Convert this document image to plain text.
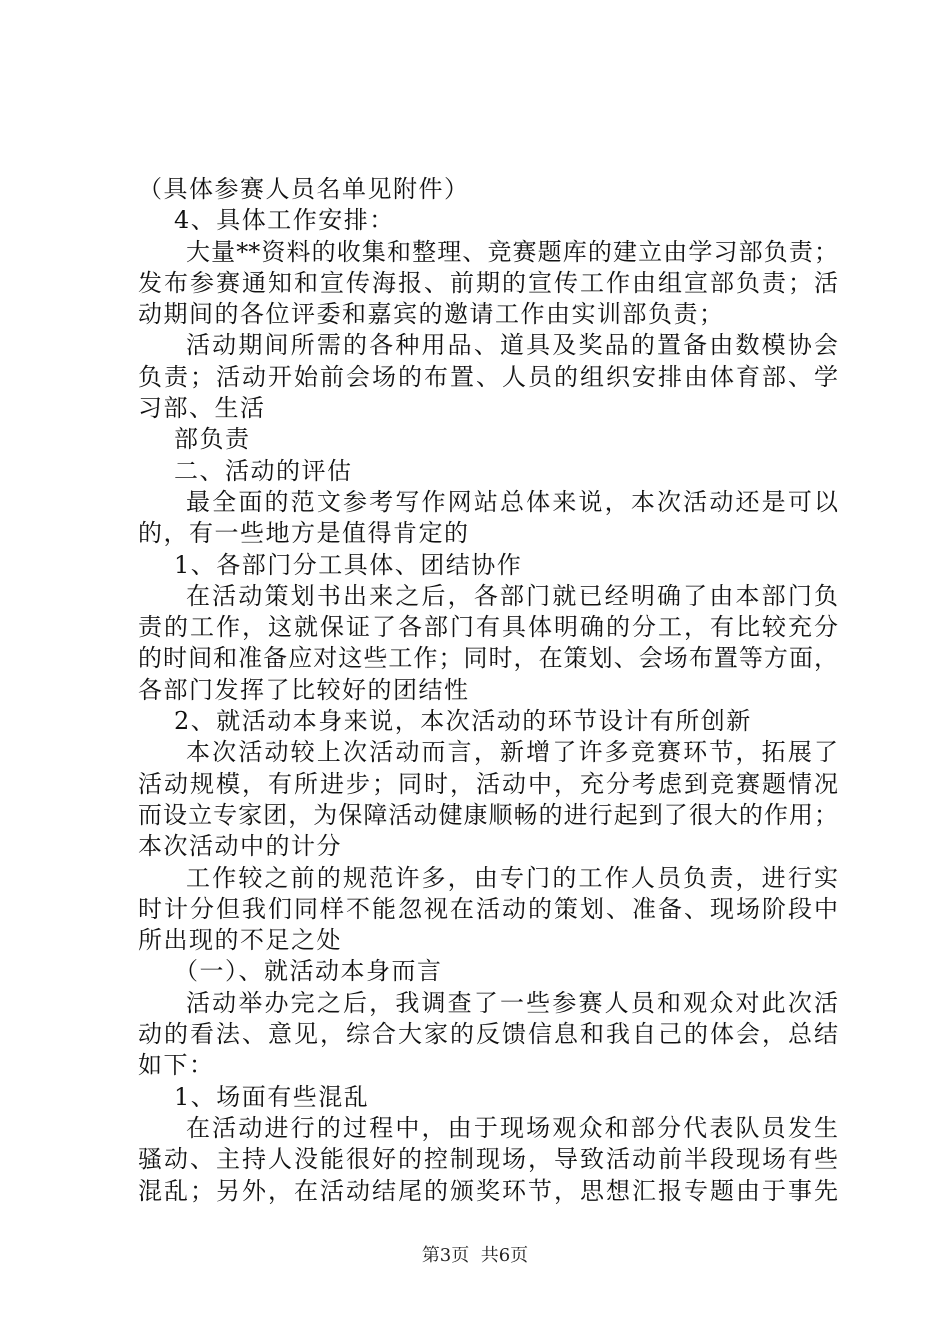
（具体参赛人员名单见附件）
4、具体工作安排：
大量**资料的收集和整理、竞赛题库的建立由学习部负责；
发布参赛通知和宣传海报、前期的宣传工作由组宣部负责；活
动期间的各位评委和嘉宾的邀请工作由实训部负责；
活动期间所需的各种用品、道具及奖品的置备由数模协会
负责；活动开始前会场的布置、人员的组织安排由体育部、学
习部、生活
部负责
二、活动的评估
最全面的范文参考写作网站总体来说，本次活动还是可以
的，有一些地方是值得肯定的
1、各部门分工具体、团结协作
在活动策划书出来之后，各部门就已经明确了由本部门负
责的工作，这就保证了各部门有具体明确的分工，有比较充分
的时间和准备应对这些工作；同时，在策划、会场布置等方面，
各部门发挥了比较好的团结性
2、就活动本身来说，本次活动的环节设计有所创新
本次活动较上次活动而言，新增了许多竞赛环节，拓展了
活动规模，有所进步；同时，活动中，充分考虑到竞赛题情况
而设立专家团，为保障活动健康顺畅的进行起到了很大的作用；
本次活动中的计分
工作较之前的规范许多，由专门的工作人员负责，进行实
时计分但我们同样不能忽视在活动的策划、准备、现场阶段中
所出现的不足之处
（一）、就活动本身而言
活动举办完之后，我调查了一些参赛人员和观众对此次活
动的看法、意见，综合大家的反馈信息和我自己的体会，总结
如下：
1、场面有些混乱
在活动进行的过程中，由于现场观众和部分代表队员发生
骚动、主持人没能很好的控制现场，导致活动前半段现场有些
混乱；另外，在活动结尾的颁奖环节，思想汇报专题由于事先
第3页  共6页
